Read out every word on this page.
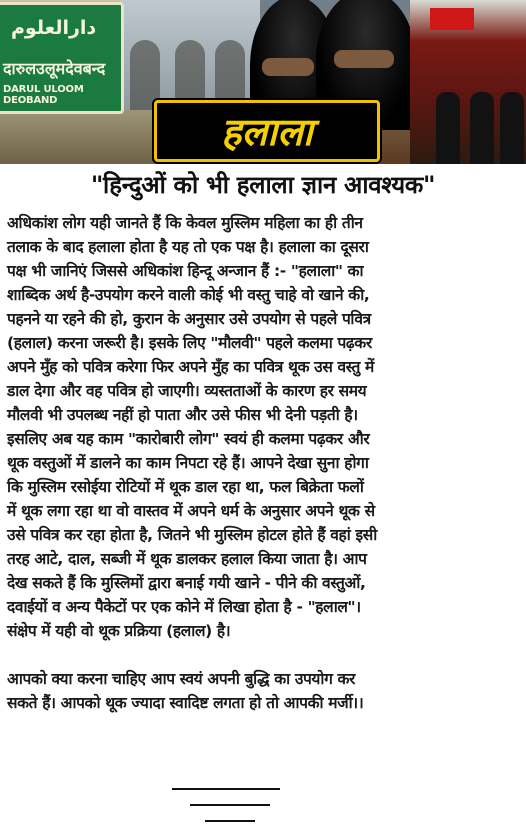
دارالعلوم
दारुलउलूमदेवबन्द
DARUL ULOOM DEOBAND
हलाला
"हिन्दुओं को भी हलाला ज्ञान आवश्यक"
अधिकांश लोग यही जानते हैं कि केवल मुस्लिम महिला का ही तीन
तलाक के बाद हलाला होता है यह तो एक पक्ष है। हलाला का दूसरा
पक्ष भी जानिएं जिससे अधिकांश हिन्दू अन्जान हैं :- "हलाला" का
शाब्दिक अर्थ है-उपयोग करने वाली कोई भी वस्तु चाहे वो खाने की,
पहनने या रहने की हो, कुरान के अनुसार उसे उपयोग से पहले पवित्र
(हलाल) करना जरूरी है। इसके लिए "मौलवी" पहले कलमा पढ़कर
अपने मुँह को पवित्र करेगा फिर अपने मुँह का पवित्र थूक उस वस्तु में
डाल देगा और वह पवित्र हो जाएगी। व्यस्तताओं के कारण हर समय
मौलवी भी उपलब्ध नहीं हो पाता और उसे फीस भी देनी पड़ती है।
इसलिए अब यह काम "कारोबारी लोग" स्वयं ही कलमा पढ़कर और
थूक वस्तुओं में डालने का काम निपटा रहे हैं। आपने देखा सुना होगा
कि मुस्लिम रसोईया रोटियों में थूक डाल रहा था, फल बिक्रेता फलों
में थूक लगा रहा था वो वास्तव में अपने धर्म के अनुसार अपने थूक से
उसे पवित्र कर रहा होता है, जितने भी मुस्लिम होटल होते हैं वहां इसी
तरह आटे, दाल, सब्जी में थूक डालकर हलाल किया जाता है। आप
देख सकते हैं कि मुस्लिमों द्वारा बनाई गयी खाने - पीने की वस्तुओं,
दवाईयों व अन्य पैकेटों पर एक कोने में लिखा होता है - "हलाल"।
संक्षेप में यही वो थूक प्रक्रिया (हलाल) है।
आपको क्या करना चाहिए आप स्वयं अपनी बुद्धि का उपयोग कर
सकते हैं। आपको थूक ज्यादा स्वादिष्ट लगता हो तो आपकी मर्जी।।
